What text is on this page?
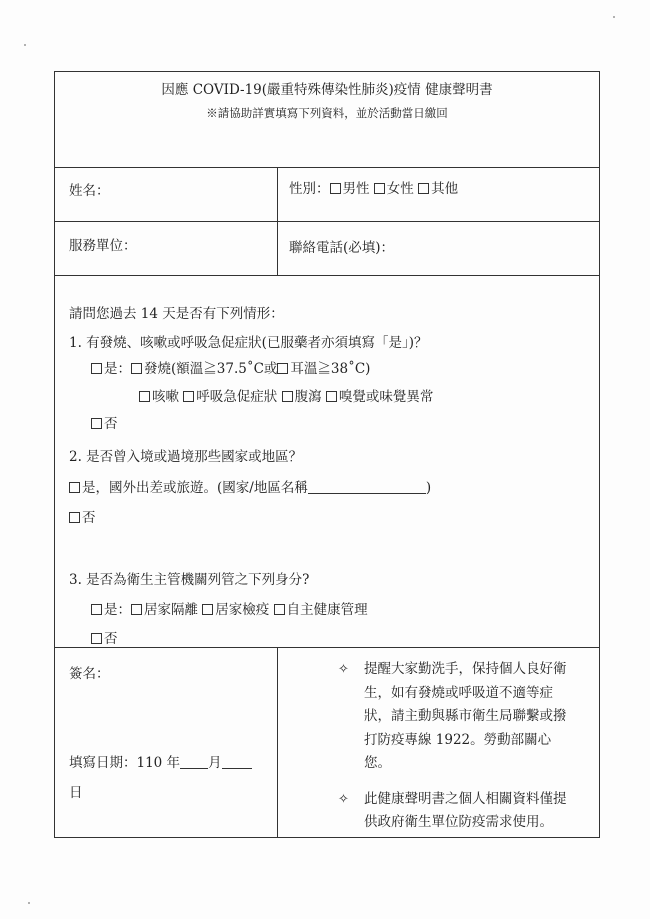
因應 COVID-19(嚴重特殊傳染性肺炎)疫情 健康聲明書
※請協助詳實填寫下列資料，並於活動當日繳回
姓名：	性別： 男性 女性 其他
服務單位：	聯絡電話(必填)：
請問您過去 14 天是否有下列情形：
1. 有發燒、咳嗽或呼吸急促症狀(已服藥者亦須填寫「是」)？
是： 發燒(額溫≧37.5˚C或 耳溫≧38˚C)
咳嗽 呼吸急促症狀 腹瀉 嗅覺或味覺異常
否
2. 是否曾入境或過境那些國家或地區？
是，國外出差或旅遊。(國家/地區名稱	)
否
3. 是否為衛生主管機關列管之下列身分?
是： 居家隔離 居家檢疫 自主健康管理
否
簽名：
填寫日期：110 年 月
日
✧	提醒大家勤洗手，保持個人良好衛生，如有發燒或呼吸道不適等症狀，請主動與縣市衛生局聯繫或撥打防疫專線 1922。勞動部關心您。
✧	此健康聲明書之個人相關資料僅提供政府衛生單位防疫需求使用。
